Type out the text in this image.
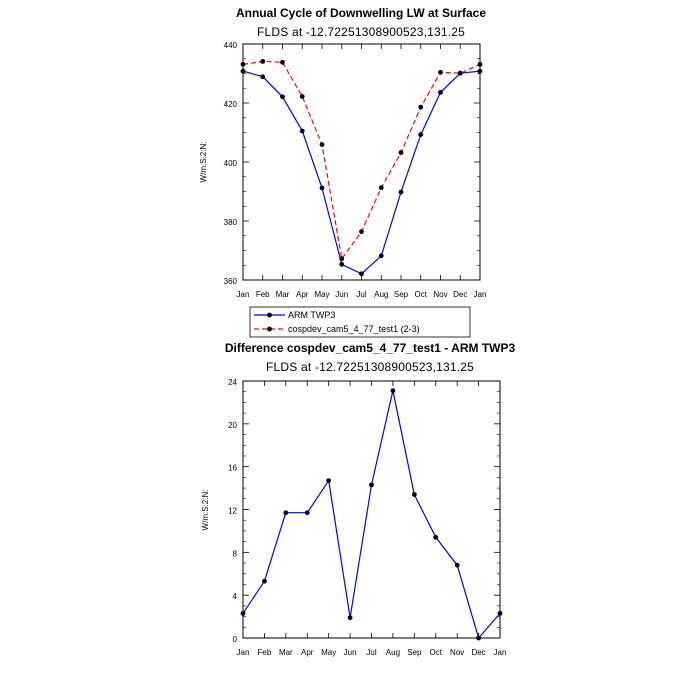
Annual Cycle of Downwelling LW at Surface
FLDS at -12.72251308900523,131.25
W/m:S:2:N:
Jan Feb Mar Apr May Jun Jul Aug Sep Oct Nov Dec Jan
360
380
400
420
440
ARM TWP3
cospdev_cam5_4_77_test1 (2-3)
Difference cospdev_cam5_4_77_test1 - ARM TWP3
FLDS at -12.72251308900523,131.25
W/m:S:2:N:
Jan Feb Mar Apr May Jun Jul Aug Sep Oct Nov Dec Jan
0
4
8
12
16
20
24
